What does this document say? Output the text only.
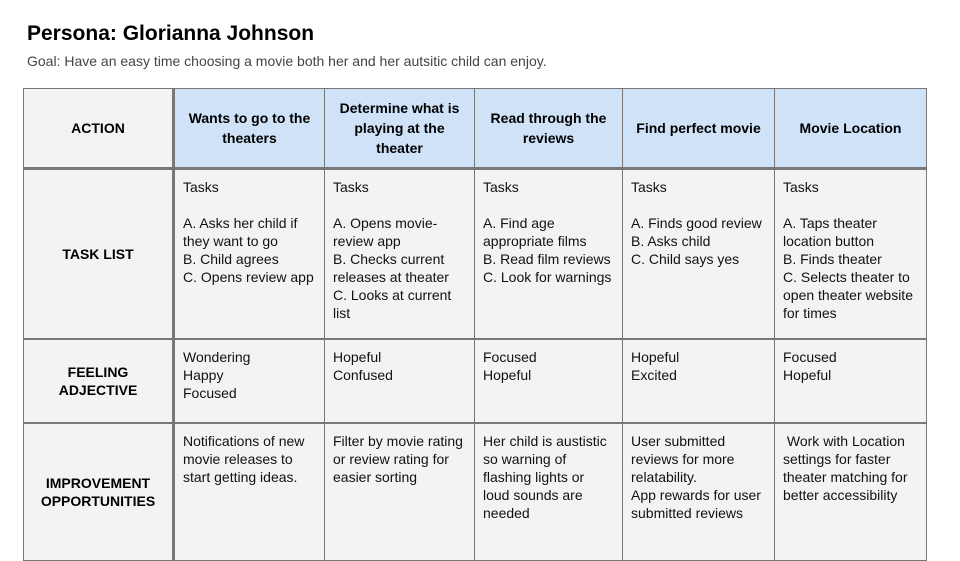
Persona: Glorianna Johnson
Goal: Have an easy time choosing a movie both her and her autsitic child can enjoy.
ACTION	Wants to go to the theaters	Determine what is playing at the theater	Read through the reviews	Find perfect movie	Movie Location

TASK LIST	Tasks

A. Asks her child if they want to go
B. Child agrees
C. Opens review app	Tasks

A. Opens movie-review app
B. Checks current releases at theater
C. Looks at current list	Tasks

A. Find age appropriate films
B. Read film reviews
C. Look for warnings	Tasks

A. Finds good review
B. Asks child
C. Child says yes	Tasks

A. Taps theater location button
B. Finds theater
C. Selects theater to open theater website for times

FEELING
ADJECTIVE	Wondering
Happy
Focused	Hopeful
Confused	Focused
Hopeful	Hopeful
Excited	Focused
Hopeful

IMPROVEMENT
OPPORTUNITIES	Notifications of new movie releases to start getting ideas.	Filter by movie rating or review rating for easier sorting	Her child is austistic so warning of flashing lights or loud sounds are needed	User submitted reviews for more relatability.
App rewards for user submitted reviews	Work with Location settings for faster theater matching for better accessibility
